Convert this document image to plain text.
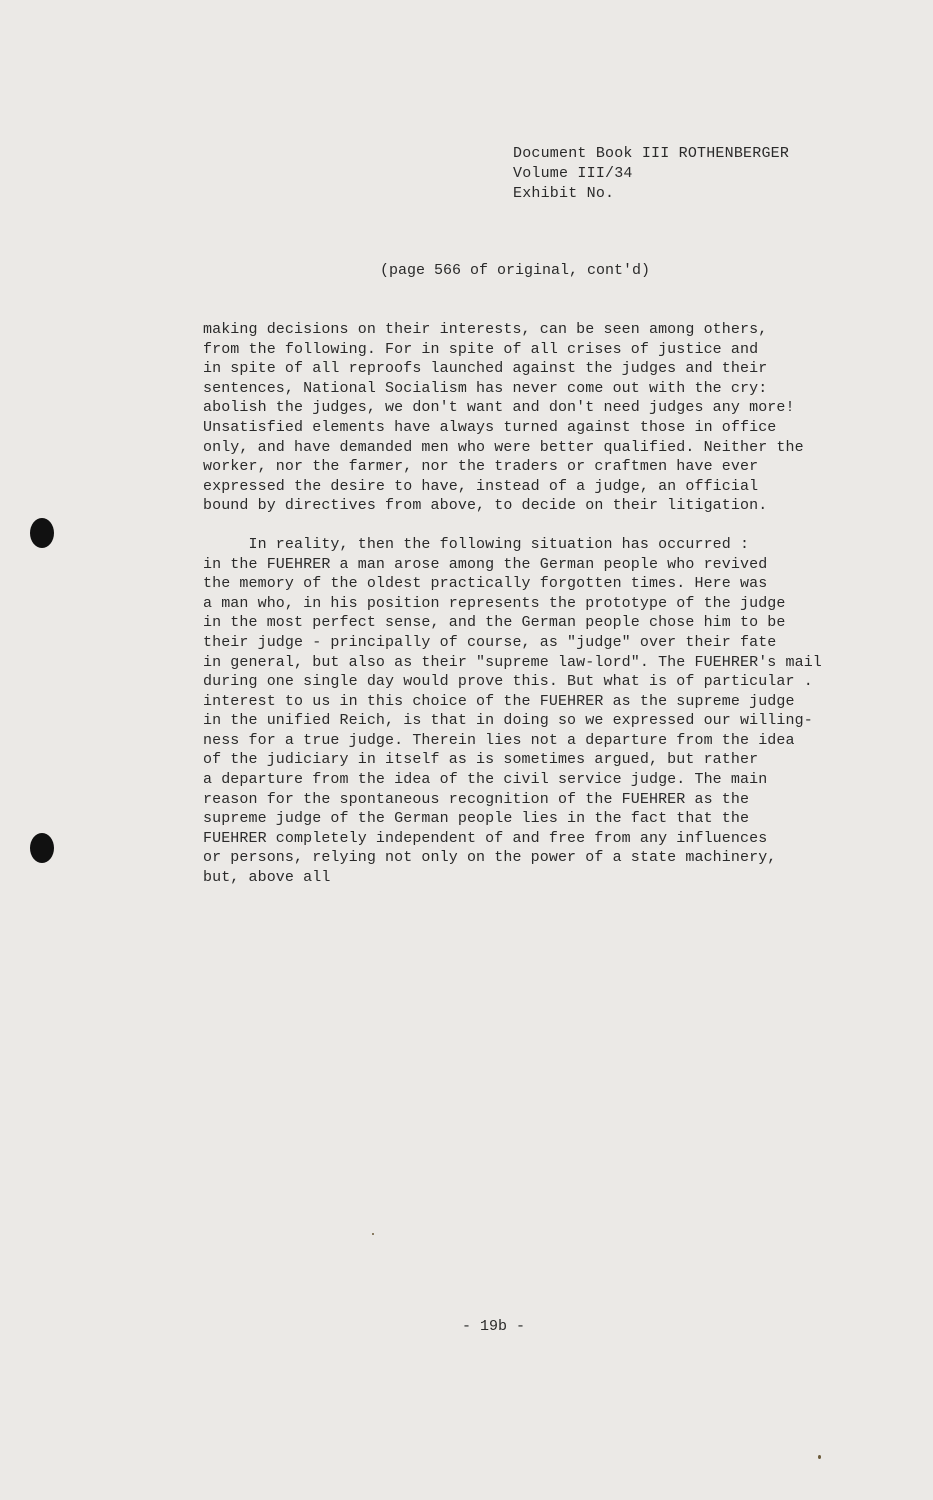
Document Book III ROTHENBERGER
Volume III/34
Exhibit No.
(page 566 of original, cont'd)
making decisions on their interests, can be seen among others,
from the following. For in spite of all crises of justice and
in spite of all reproofs launched against the judges and their
sentences, National Socialism has never come out with the cry:
abolish the judges, we don't want and don't need judges any more!
Unsatisfied elements have always turned against those in office
only, and have demanded men who were better qualified. Neither the
worker, nor the farmer, nor the traders or craftmen have ever
expressed the desire to have, instead of a judge, an official
bound by directives from above, to decide on their litigation.
In reality, then the following situation has occurred :
in the FUEHRER a man arose among the German people who revived
the memory of the oldest practically forgotten times. Here was
a man who, in his position represents the prototype of the judge
in the most perfect sense, and the German people chose him to be
their judge - principally of course, as "judge" over their fate
in general, but also as their "supreme law-lord". The FUEHRER's mail
during one single day would prove this. But what is of particular .
interest to us in this choice of the FUEHRER as the supreme judge
in the unified Reich, is that in doing so we expressed our willing-
ness for a true judge. Therein lies not a departure from the idea
of the judiciary in itself as is sometimes argued, but rather
a departure from the idea of the civil service judge. The main
reason for the spontaneous recognition of the FUEHRER as the
supreme judge of the German people lies in the fact that the
FUEHRER completely independent of and free from any influences
or persons, relying not only on the power of a state machinery,
but, above all
- 19b -
